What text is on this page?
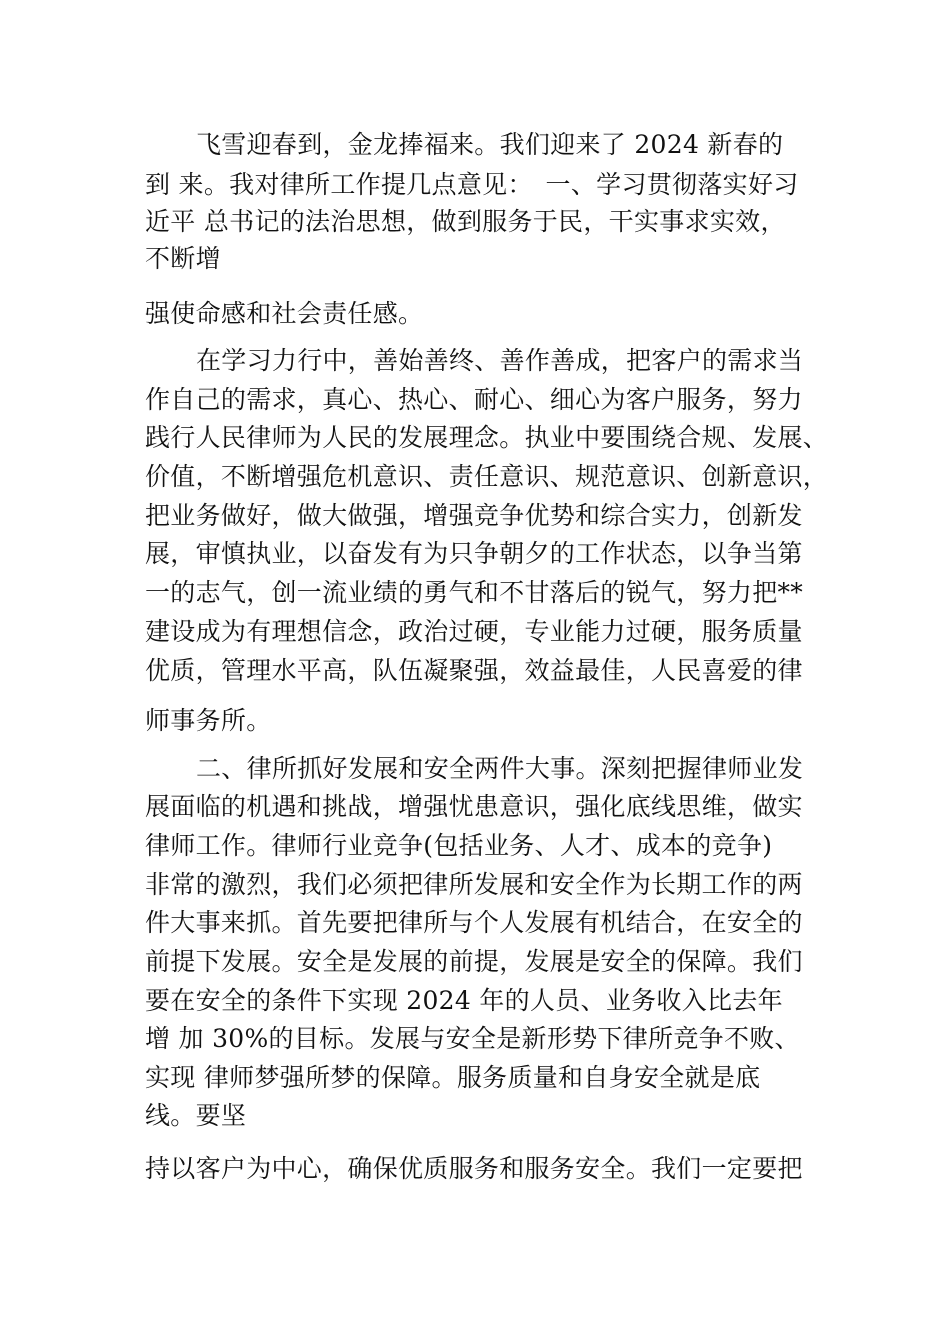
飞雪迎春到，金龙捧福来。我们迎来了 2024 新春的
到 来。我对律所工作提几点意见：　一、学习贯彻落实好习
近平 总书记的法治思想，做到服务于民，干实事求实效，
不断增
强使命感和社会责任感。
在学习力行中，善始善终、善作善成，把客户的需求当
作自己的需求，真心、热心、耐心、细心为客户服务，努力
践行人民律师为人民的发展理念。执业中要围绕合规、发展、
价值，不断增强危机意识、责任意识、规范意识、创新意识，
把业务做好，做大做强，增强竞争优势和综合实力，创新发
展，审慎执业，以奋发有为只争朝夕的工作状态，以争当第
一的志气，创一流业绩的勇气和不甘落后的锐气，努力把**
建设成为有理想信念，政治过硬，专业能力过硬，服务质量
优质，管理水平高，队伍凝聚强，效益最佳，人民喜爱的律
师事务所。
二、律所抓好发展和安全两件大事。深刻把握律师业发
展面临的机遇和挑战，增强忧患意识，强化底线思维，做实
律师工作。律师行业竞争(包括业务、人才、成本的竞争)
非常的激烈，我们必须把律所发展和安全作为长期工作的两
件大事来抓。首先要把律所与个人发展有机结合，在安全的
前提下发展。安全是发展的前提，发展是安全的保障。我们
要在安全的条件下实现 2024 年的人员、业务收入比去年
增 加 30%的目标。发展与安全是新形势下律所竞争不败、
实现 律师梦强所梦的保障。服务质量和自身安全就是底
线。要坚
持以客户为中心，确保优质服务和服务安全。我们一定要把
